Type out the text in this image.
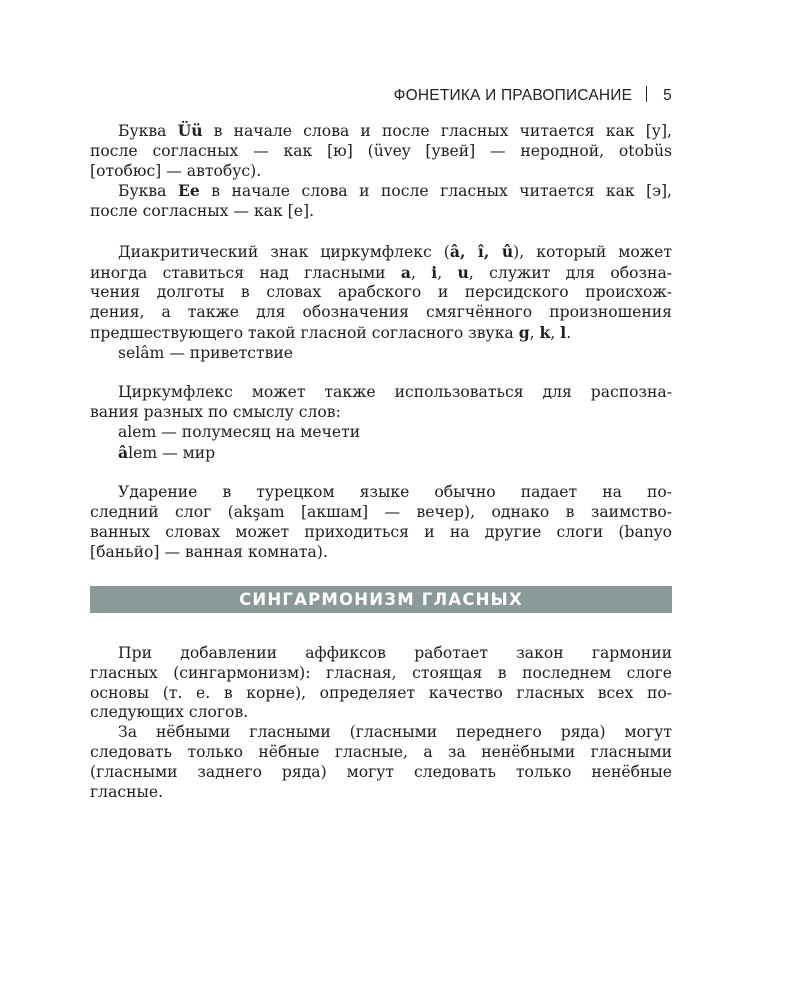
ФОНЕТИКА И ПРАВОПИСАНИЕ 5

Буква Üü в начале слова и после гласных читается как [у],
после согласных — как [ю] (üvey [увей] — неродной, otobüs
[отобюс] — автобус).

Буква Ee в начале слова и после гласных читается как [э],
после согласных — как [е].

Диакритический знак циркумфлекс (â, î, û), который может
иногда ставиться над гласными a, i, u, служит для обозна-
чения долготы в словах арабского и персидского происхож-
дения, а также для обозначения смягчённого произношения
предшествующего такой гласной согласного звука g, k, l.

selâm — приветствие

Циркумфлекс может также использоваться для распозна-
вания разных по смыслу слов:

alem — полумесяц на мечети

âlem — мир

Ударение в турецком языке обычно падает на по-
следний слог (akşam [акшам] — вечер), однако в заимство-
ванных словах может приходиться и на другие слоги (banyo
[баньйо] — ванная комната).

СИНГАРМОНИЗМ ГЛАСНЫХ

При добавлении аффиксов работает закон гармонии
гласных (сингармонизм): гласная, стоящая в последнем слоге
основы (т. е. в корне), определяет качество гласных всех по-
следующих слогов.

За нёбными гласными (гласными переднего ряда) могут
следовать только нёбные гласные, а за ненёбными гласными
(гласными заднего ряда) могут следовать только ненёбные
гласные.
